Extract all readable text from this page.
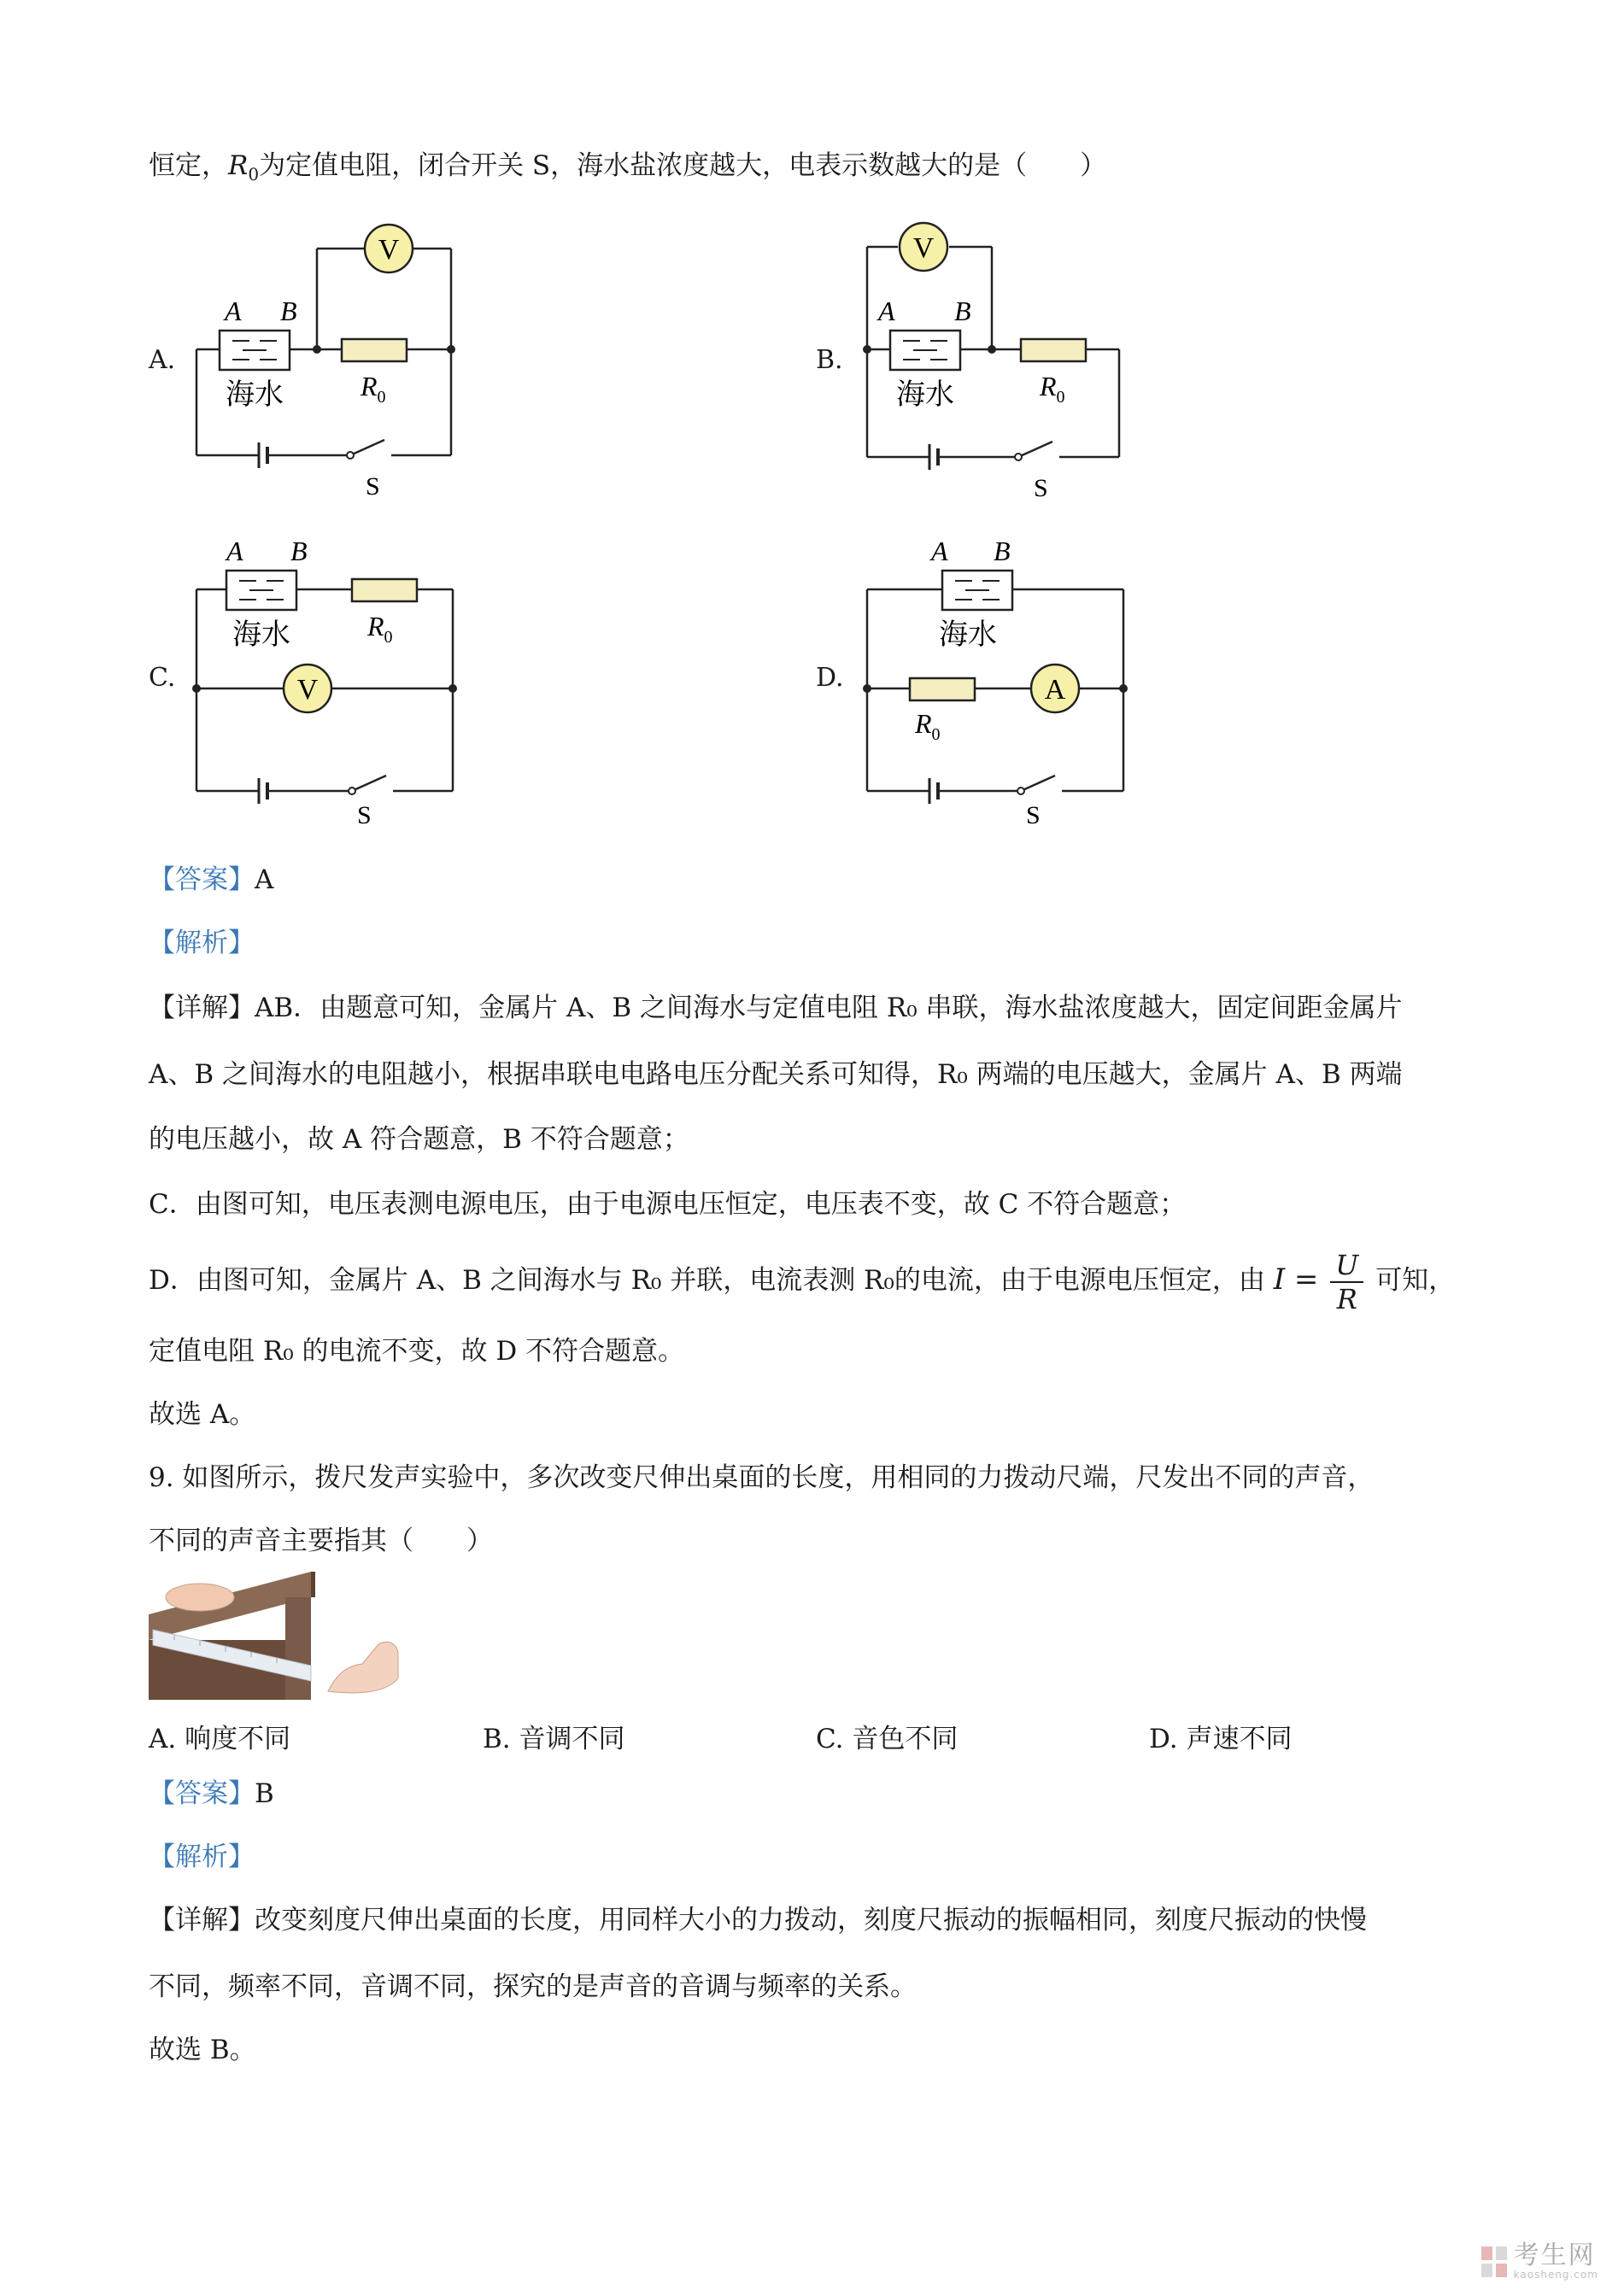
恒定，$R_0$为定值电阻，闭合开关 S，海水盐浓度越大，电表示数越大的是（　　）
A.	B.
C.	D.
V
A B
海水	$R_0$
S
V
A B
海水	$R_0$
S
V
A B
海水	$R_0$
S
A
A B
海水
$R_0$
S
【答案】A
【解析】
【详解】AB．由题意可知，金属片 A、B 之间海水与定值电阻 R₀ 串联，海水盐浓度越大，固定间距金属片
A、B 之间海水的电阻越小，根据串联电电路电压分配关系可知得，R₀ 两端的电压越大，金属片 A、B 两端
的电压越小，故 A 符合题意，B 不符合题意；
C．由图可知，电压表测电源电压，由于电源电压恒定，电压表不变，故 C 不符合题意；
D．由图可知，金属片 A、B 之间海水与 R₀ 并联，电流表测 R₀的电流，由于电源电压恒定，由 $I = \frac{U}{R}$ 可知，
定值电阻 R₀ 的电流不变，故 D 不符合题意。
故选 A。
9. 如图所示，拨尺发声实验中，多次改变尺伸出桌面的长度，用相同的力拨动尺端，尺发出不同的声音，
不同的声音主要指其（　　）
A. 响度不同	B. 音调不同	C. 音色不同	D. 声速不同
【答案】B
【解析】
【详解】改变刻度尺伸出桌面的长度，用同样大小的力拨动，刻度尺振动的振幅相同，刻度尺振动的快慢
不同，频率不同，音调不同，探究的是声音的音调与频率的关系。
故选 B。
考生网
kaosheng.com
